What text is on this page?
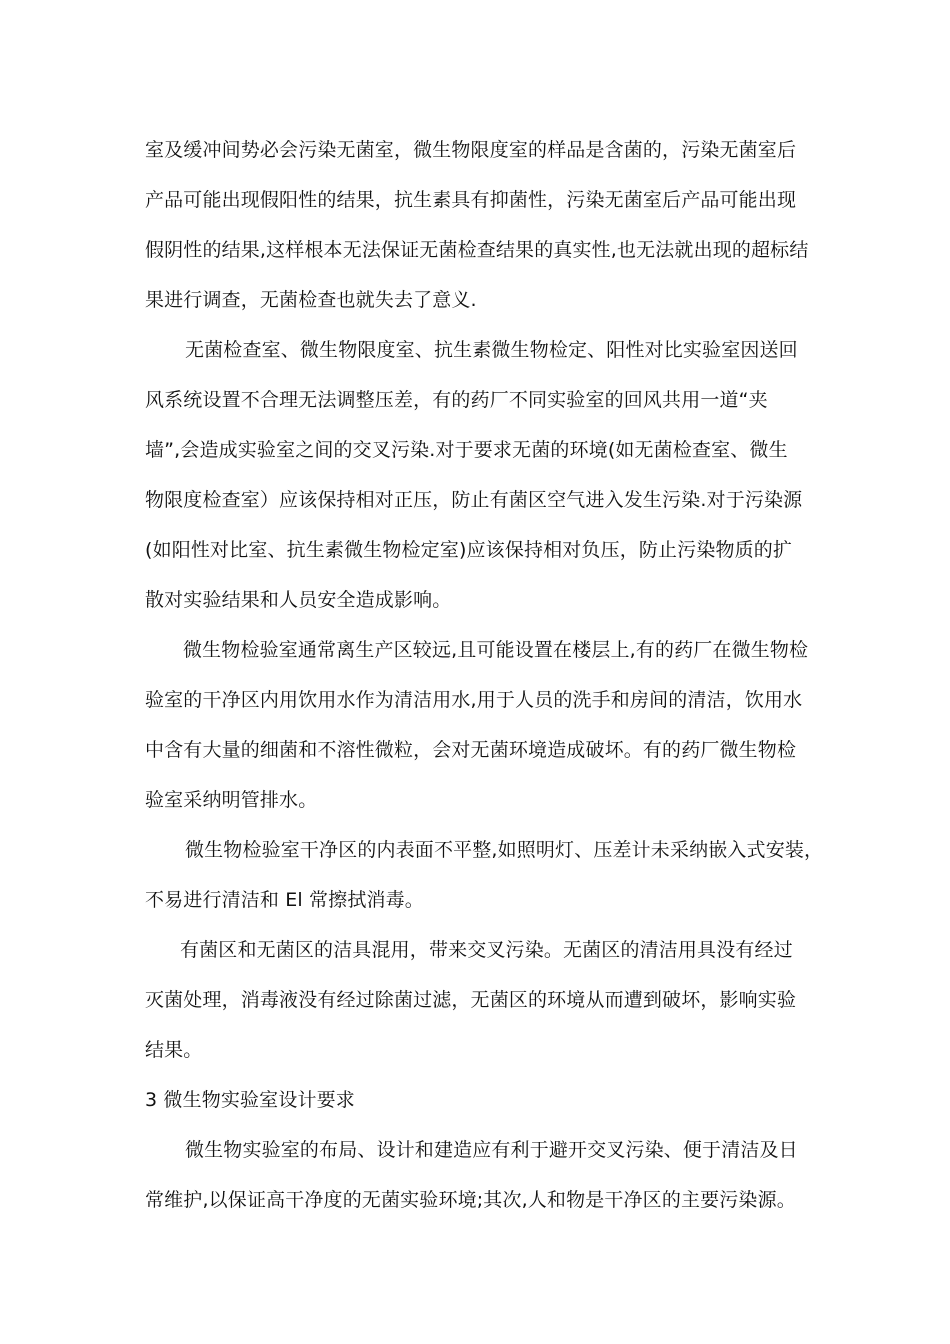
室及缓冲间势必会污染无菌室，微生物限度室的样品是含菌的，污染无菌室后
产品可能出现假阳性的结果，抗生素具有抑菌性，污染无菌室后产品可能出现
假阴性的结果,这样根本无法保证无菌检查结果的真实性,也无法就出现的超标结
果进行调查，无菌检查也就失去了意义.
无菌检查室、微生物限度室、抗生素微生物检定、阳性对比实验室因送回
风系统设置不合理无法调整压差，有的药厂不同实验室的回风共用一道“夹
墙”,会造成实验室之间的交叉污染.对于要求无菌的环境(如无菌检查室、微生
物限度检查室）应该保持相对正压，防止有菌区空气进入发生污染.对于污染源
(如阳性对比室、抗生素微生物检定室)应该保持相对负压，防止污染物质的扩
散对实验结果和人员安全造成影响。
微生物检验室通常离生产区较远,且可能设置在楼层上,有的药厂在微生物检
验室的干净区内用饮用水作为清洁用水,用于人员的洗手和房间的清洁，饮用水
中含有大量的细菌和不溶性微粒，会对无菌环境造成破坏。有的药厂微生物检
验室采纳明管排水。
微生物检验室干净区的内表面不平整,如照明灯、压差计未采纳嵌入式安装，
不易进行清洁和 El 常擦拭消毒。
有菌区和无菌区的洁具混用，带来交叉污染。无菌区的清洁用具没有经过
灭菌处理，消毒液没有经过除菌过滤，无菌区的环境从而遭到破坏，影响实验
结果。
3 微生物实验室设计要求
微生物实验室的布局、设计和建造应有利于避开交叉污染、便于清洁及日
常维护,以保证高干净度的无菌实验环境;其次,人和物是干净区的主要污染源。
